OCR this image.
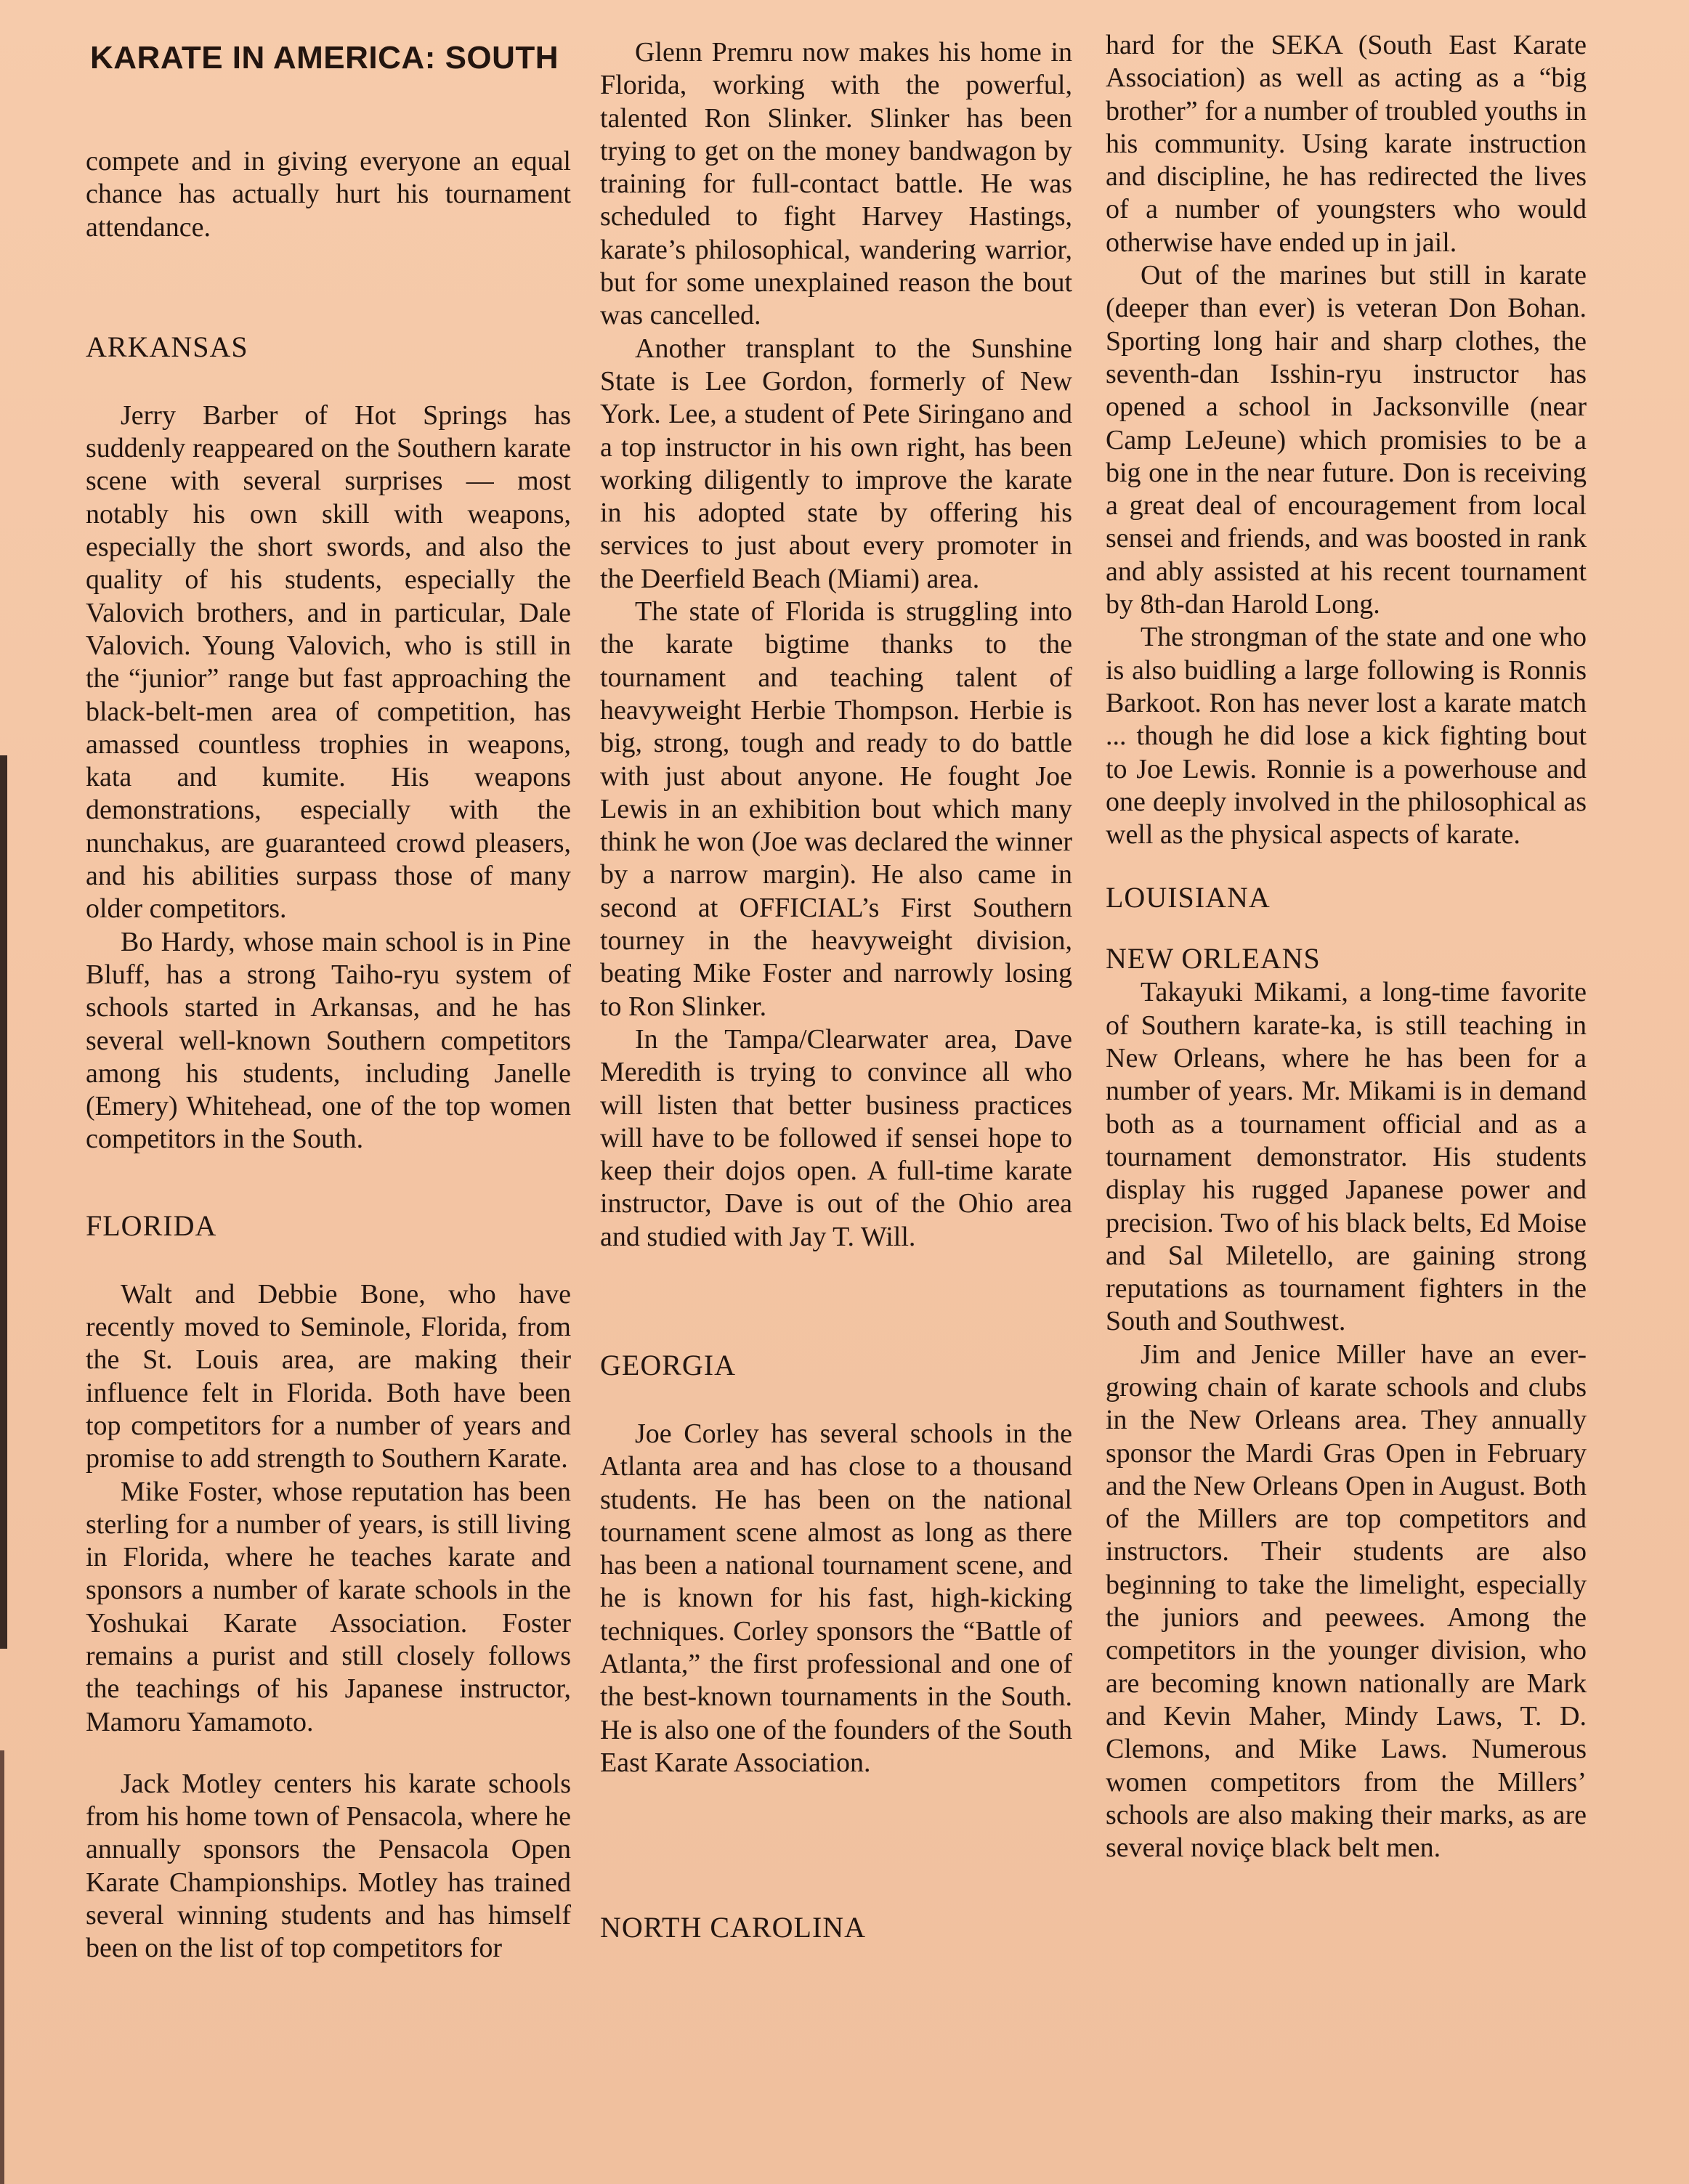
KARATE IN AMERICA: SOUTH

compete and in giving everyone an equal chance has actually hurt his tournament attendance.

ARKANSAS

Jerry Barber of Hot Springs has suddenly reappeared on the Southern karate scene with several surprises — most notably his own skill with weapons, especially the short swords, and also the quality of his students, especially the Valovich brothers, and in particular, Dale Valovich. Young Valovich, who is still in the “junior” range but fast approaching the black-belt-men area of competition, has amassed countless trophies in weapons, kata and kumite. His weapons demonstrations, especially with the nunchakus, are guaranteed crowd pleasers, and his abilities surpass those of many older competitors.

Bo Hardy, whose main school is in Pine Bluff, has a strong Taiho-ryu system of schools started in Arkansas, and he has several well-known Southern competitors among his students, including Janelle (Emery) Whitehead, one of the top women competitors in the South.

FLORIDA

Walt and Debbie Bone, who have recently moved to Seminole, Florida, from the St. Louis area, are making their influence felt in Florida. Both have been top competitors for a number of years and promise to add strength to Southern Karate.

Mike Foster, whose reputation has been sterling for a number of years, is still living in Florida, where he teaches karate and sponsors a number of karate schools in the Yoshukai Karate Association. Foster remains a purist and still closely follows the teachings of his Japanese instructor, Mamoru Yamamoto.

Jack Motley centers his karate schools from his home town of Pensacola, where he annually sponsors the Pensacola Open Karate Championships. Motley has trained several winning students and has himself been on the list of top competitors for

Glenn Premru now makes his home in Florida, working with the powerful, talented Ron Slinker. Slinker has been trying to get on the money bandwagon by training for full-contact battle. He was scheduled to fight Harvey Hastings, karate’s philosophical, wandering warrior, but for some unexplained reason the bout was cancelled.

Another transplant to the Sunshine State is Lee Gordon, formerly of New York. Lee, a student of Pete Siringano and a top instructor in his own right, has been working diligently to improve the karate in his adopted state by offering his services to just about every promoter in the Deerfield Beach (Miami) area.

The state of Florida is struggling into the karate bigtime thanks to the tournament and teaching talent of heavyweight Herbie Thompson. Herbie is big, strong, tough and ready to do battle with just about anyone. He fought Joe Lewis in an exhibition bout which many think he won (Joe was declared the winner by a narrow margin). He also came in second at OFFICIAL’s First Southern tourney in the heavyweight division, beating Mike Foster and narrowly losing to Ron Slinker.

In the Tampa/Clearwater area, Dave Meredith is trying to convince all who will listen that better business practices will have to be followed if sensei hope to keep their dojos open. A full-time karate instructor, Dave is out of the Ohio area and studied with Jay T. Will.

GEORGIA

Joe Corley has several schools in the Atlanta area and has close to a thousand students. He has been on the national tournament scene almost as long as there has been a national tournament scene, and he is known for his fast, high-kicking techniques. Corley sponsors the “Battle of Atlanta,” the first professional and one of the best-known tournaments in the South. He is also one of the founders of the South East Karate Association.

NORTH CAROLINA

hard for the SEKA (South East Karate Association) as well as acting as a “big brother” for a number of troubled youths in his community. Using karate instruction and discipline, he has redirected the lives of a number of youngsters who would otherwise have ended up in jail.

Out of the marines but still in karate (deeper than ever) is veteran Don Bohan. Sporting long hair and sharp clothes, the seventh-dan Isshin-ryu instructor has opened a school in Jacksonville (near Camp LeJeune) which promisies to be a big one in the near future. Don is receiving a great deal of encouragement from local sensei and friends, and was boosted in rank and ably assisted at his recent tournament by 8th-dan Harold Long.

The strongman of the state and one who is also buidling a large following is Ronnis Barkoot. Ron has never lost a karate match ... though he did lose a kick fighting bout to Joe Lewis. Ronnie is a powerhouse and one deeply involved in the philosophical as well as the physical aspects of karate.

LOUISIANA

NEW ORLEANS

Takayuki Mikami, a long-time favorite of Southern karate-ka, is still teaching in New Orleans, where he has been for a number of years. Mr. Mikami is in demand both as a tournament official and as a tournament demonstrator. His students display his rugged Japanese power and precision. Two of his black belts, Ed Moise and Sal Miletello, are gaining strong reputations as tournament fighters in the South and Southwest.

Jim and Jenice Miller have an ever-growing chain of karate schools and clubs in the New Orleans area. They annually sponsor the Mardi Gras Open in February and the New Orleans Open in August. Both of the Millers are top competitors and instructors. Their students are also beginning to take the limelight, especially the juniors and peewees. Among the competitors in the younger division, who are becoming known nationally are Mark and Kevin Maher, Mindy Laws, T. D. Clemons, and Mike Laws. Numerous women competitors from the Millers’ schools are also making their marks, as are several noviçe black belt men.
